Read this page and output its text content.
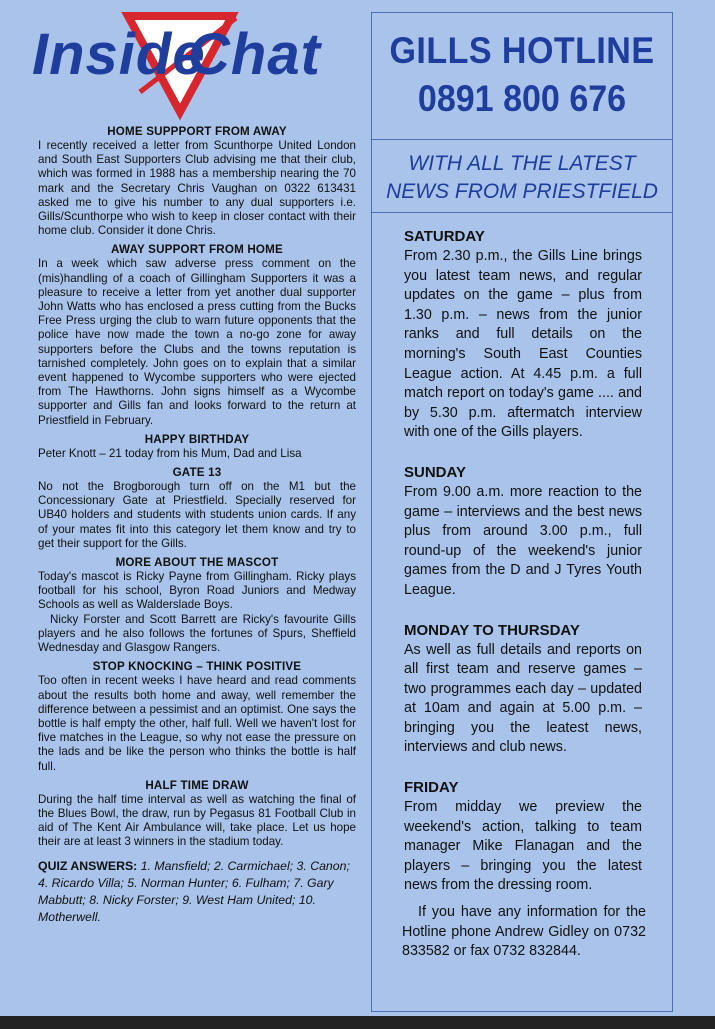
Inside
Chat
HOME SUPPPORT FROM AWAY

I recently received a letter from Scunthorpe United London and South East Supporters Club advising me that their club, which was formed in 1988 has a membership nearing the 70 mark and the Secretary Chris Vaughan on 0322 613431 asked me to give his number to any dual supporters i.e. Gills/Scunthorpe who wish to keep in closer contact with their home club. Consider it done Chris.

AWAY SUPPORT FROM HOME

In a week which saw adverse press comment on the (mis)handling of a coach of Gillingham Supporters it was a pleasure to receive a letter from yet another dual supporter John Watts who has enclosed a press cutting from the Bucks Free Press urging the club to warn future opponents that the police have now made the town a no-go zone for away supporters before the Clubs and the towns reputation is tarnished completely. John goes on to explain that a similar event happened to Wycombe supporters who were ejected from The Hawthorns. John signs himself as a Wycombe supporter and Gills fan and looks forward to the return at Priestfield in February.

HAPPY BIRTHDAY

Peter Knott – 21 today from his Mum, Dad and Lisa

GATE 13

No not the Brogborough turn off on the M1 but the Concessionary Gate at Priestfield. Specially reserved for UB40 holders and students with students union cards. If any of your mates fit into this category let them know and try to get their support for the Gills.

MORE ABOUT THE MASCOT

Today's mascot is Ricky Payne from Gillingham. Ricky plays football for his school, Byron Road Juniors and Medway Schools as well as Walderslade Boys.

Nicky Forster and Scott Barrett are Ricky's favourite Gills players and he also follows the fortunes of Spurs, Sheffield Wednesday and Glasgow Rangers.

STOP KNOCKING – THINK POSITIVE

Too often in recent weeks I have heard and read comments about the results both home and away, well remember the difference between a pessimist and an optimist. One says the bottle is half empty the other, half full. Well we haven't lost for five matches in the League, so why not ease the pressure on the lads and be like the person who thinks the bottle is half full.

HALF TIME DRAW

During the half time interval as well as watching the final of the Blues Bowl, the draw, run by Pegasus 81 Football Club in aid of The Kent Air Ambulance will, take place. Let us hope their are at least 3 winners in the stadium today.

QUIZ ANSWERS: 1. Mansfield; 2. Carmichael; 3. Canon; 4. Ricardo Villa; 5. Norman Hunter; 6. Fulham; 7. Gary Mabbutt; 8. Nicky Forster; 9. West Ham United; 10. Motherwell.
GILLS HOTLINE
0891 800 676
WITH ALL THE LATEST
NEWS FROM PRIESTFIELD
SATURDAY

From 2.30 p.m., the Gills Line brings you latest team news, and regular updates on the game – plus from 1.30 p.m. – news from the junior ranks and full details on the morning's South East Counties League action. At 4.45 p.m. a full match report on today's game .... and by 5.30 p.m. aftermatch interview with one of the Gills players.

SUNDAY

From 9.00 a.m. more reaction to the game – interviews and the best news plus from around 3.00 p.m., full round-up of the weekend's junior games from the D and J Tyres Youth League.

MONDAY TO THURSDAY

As well as full details and reports on all first team and reserve games – two programmes each day – updated at 10am and again at 5.00 p.m. – bringing you the leatest news, interviews and club news.

FRIDAY

From midday we preview the weekend's action, talking to team manager Mike Flanagan and the players – bringing you the latest news from the dressing room.

If you have any information for the Hotline phone Andrew Gidley on 0732 833582 or fax 0732 832844.
